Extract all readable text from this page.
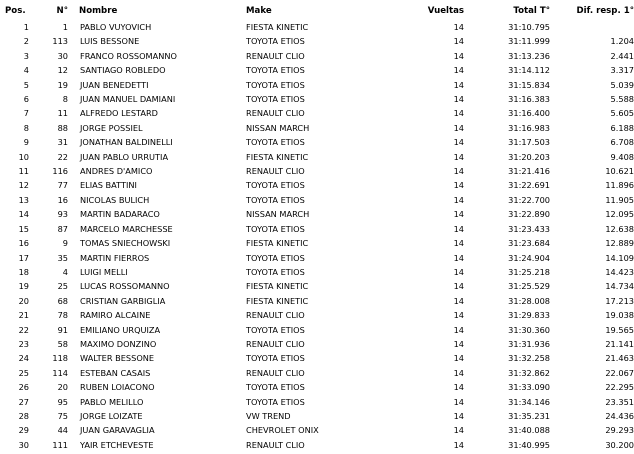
Pos.	N°	Nombre	Make	Vueltas	Total T°	Dif. resp. 1°
1	1	PABLO VUYOVICH	FIESTA KINETIC	14	31:10.795	
2	113	LUIS BESSONE	TOYOTA ETIOS	14	31:11.999	1.204
3	30	FRANCO ROSSOMANNO	RENAULT CLIO	14	31:13.236	2.441
4	12	SANTIAGO ROBLEDO	TOYOTA ETIOS	14	31:14.112	3.317
5	19	JUAN BENEDETTI	TOYOTA ETIOS	14	31:15.834	5.039
6	8	JUAN MANUEL DAMIANI	TOYOTA ETIOS	14	31:16.383	5.588
7	11	ALFREDO LESTARD	RENAULT CLIO	14	31:16.400	5.605
8	88	JORGE POSSIEL	NISSAN MARCH	14	31:16.983	6.188
9	31	JONATHAN BALDINELLI	TOYOTA ETIOS	14	31:17.503	6.708
10	22	JUAN PABLO URRUTIA	FIESTA KINETIC	14	31:20.203	9.408
11	116	ANDRES D'AMICO	RENAULT CLIO	14	31:21.416	10.621
12	77	ELIAS BATTINI	TOYOTA ETIOS	14	31:22.691	11.896
13	16	NICOLAS BULICH	TOYOTA ETIOS	14	31:22.700	11.905
14	93	MARTIN BADARACO	NISSAN MARCH	14	31:22.890	12.095
15	87	MARCELO MARCHESSE	TOYOTA ETIOS	14	31:23.433	12.638
16	9	TOMAS SNIECHOWSKI	FIESTA KINETIC	14	31:23.684	12.889
17	35	MARTIN FIERROS	TOYOTA ETIOS	14	31:24.904	14.109
18	4	LUIGI MELLI	TOYOTA ETIOS	14	31:25.218	14.423
19	25	LUCAS ROSSOMANNO	FIESTA KINETIC	14	31:25.529	14.734
20	68	CRISTIAN GARBIGLIA	FIESTA KINETIC	14	31:28.008	17.213
21	78	RAMIRO ALCAINE	RENAULT CLIO	14	31:29.833	19.038
22	91	EMILIANO URQUIZA	TOYOTA ETIOS	14	31:30.360	19.565
23	58	MAXIMO DONZINO	RENAULT CLIO	14	31:31.936	21.141
24	118	WALTER BESSONE	TOYOTA ETIOS	14	31:32.258	21.463
25	114	ESTEBAN CASAIS	RENAULT CLIO	14	31:32.862	22.067
26	20	RUBEN LOIACONO	TOYOTA ETIOS	14	31:33.090	22.295
27	95	PABLO MELILLO	TOYOTA ETIOS	14	31:34.146	23.351
28	75	JORGE LOIZATE	VW TREND	14	31:35.231	24.436
29	44	JUAN GARAVAGLIA	CHEVROLET ONIX	14	31:40.088	29.293
30	111	YAIR ETCHEVESTE	RENAULT CLIO	14	31:40.995	30.200
